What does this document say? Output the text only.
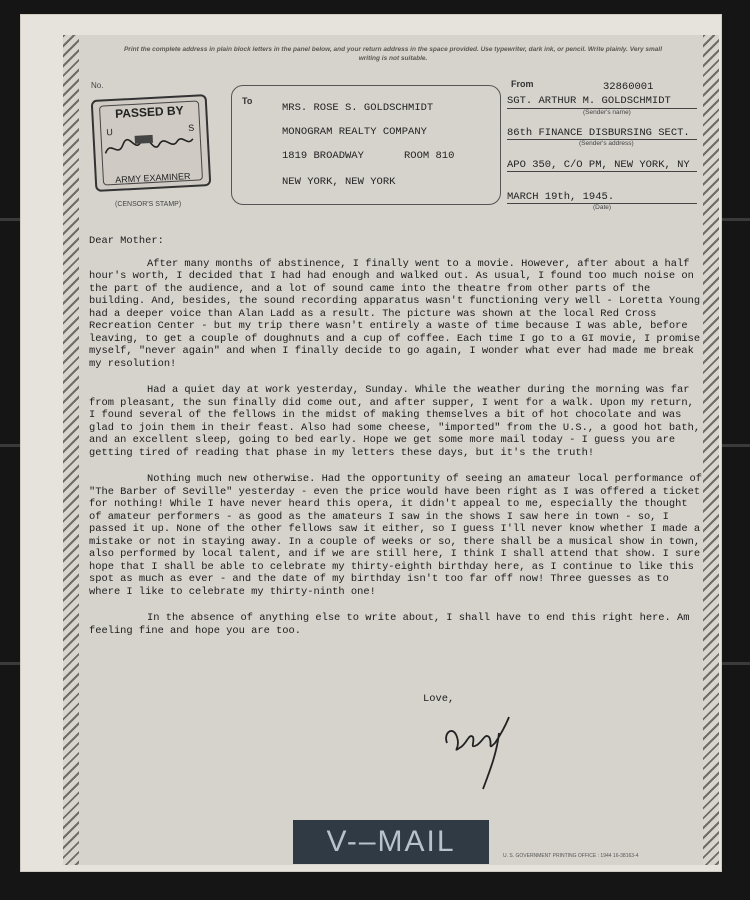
Print the complete address in plain block letters in the panel below, and your return address in the space provided. Use typewriter, dark ink, or pencil. Write plainly. Very small writing is not suitable.
No.
PASSED BY
U	S
ARMY EXAMINER
(CENSOR'S STAMP)
To
MRS. ROSE S. GOLDSCHMIDT
MONOGRAM REALTY COMPANY
1819 BROADWAY	ROOM 810
NEW YORK, NEW YORK
From	32860001
SGT. ARTHUR M. GOLDSCHMIDT
(Sender's name)
86th FINANCE DISBURSING SECT.
(Sender's address)
APO 350, C/O PM, NEW YORK, NY
MARCH 19th, 1945.
(Date)

Dear Mother:

After many months of abstinence, I finally went to a movie. However, after about a half hour's worth, I decided that I had had enough and walked out. As usual, I found too much noise on the part of the audience, and a lot of sound came into the theatre from other parts of the building. And, besides, the sound recording apparatus wasn't functioning very well - Loretta Young had a deeper voice than Alan Ladd as a result. The picture was shown at the local Red Cross Recreation Center - but my trip there wasn't entirely a waste of time because I was able, before leaving, to get a couple of doughnuts and a cup of coffee. Each time I go to a GI movie, I promise myself, "never again" and when I finally decide to go again, I wonder what ever had made me break my resolution!

Had a quiet day at work yesterday, Sunday. While the weather during the morning was far from pleasant, the sun finally did come out, and after supper, I went for a walk. Upon my return, I found several of the fellows in the midst of making themselves a bit of hot chocolate and was glad to join them in their feast. Also had some cheese, "imported" from the U.S., a good hot bath, and an excellent sleep, going to bed early. Hope we get some more mail today - I guess you are getting tired of reading that phase in my letters these days, but it's the truth!

Nothing much new otherwise. Had the opportunity of seeing an amateur local performance of "The Barber of Seville" yesterday - even the price would have been right as I was offered a ticket for nothing! While I have never heard this opera, it didn't appeal to me, especially the thought of amateur performers - as good as the amateurs I saw in the shows I saw here in town - so, I passed it up. None of the other fellows saw it either, so I guess I'll never know whether I made a mistake or not in staying away. In a couple of weeks or so, there shall be a musical show in town, also performed by local talent, and if we are still here, I think I shall attend that show. I sure hope that I shall be able to celebrate my thirty-eighth birthday here, as I continue to like this spot as much as ever - and the date of my birthday isn't too far off now! Three guesses as to where I like to celebrate my thirty-ninth one!

In the absence of anything else to write about, I shall have to end this right here. Am feeling fine and hope you are too.

Love,
V-–MAIL	U. S. GOVERNMENT PRINTING OFFICE : 1944 16-38163-4
